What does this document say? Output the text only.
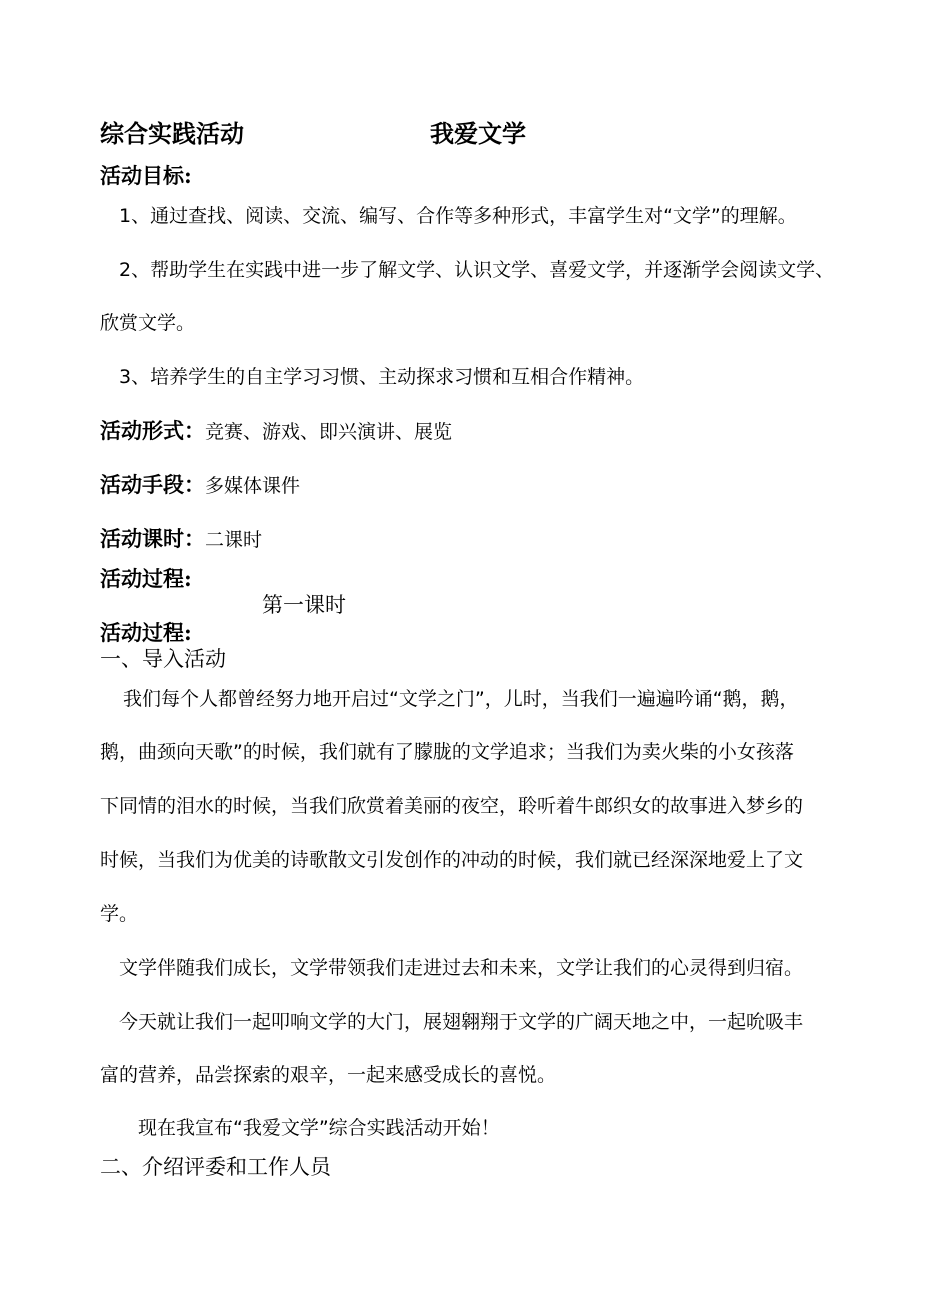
综合实践活动	我爱文学
活动目标:
1、通过查找、阅读、交流、编写、合作等多种形式，丰富学生对“文学”的理解。
2、帮助学生在实践中进一步了解文学、认识文学、喜爱文学，并逐渐学会阅读文学、
欣赏文学。
3、培养学生的自主学习习惯、主动探求习惯和互相合作精神。
活动形式：竞赛、游戏、即兴演讲、展览
活动手段：多媒体课件
活动课时：二课时
活动过程:
第一课时
活动过程:
一、导入活动
我们每个人都曾经努力地开启过“文学之门”，儿时，当我们一遍遍吟诵“鹅，鹅，
鹅，曲颈向天歌”的时候，我们就有了朦胧的文学追求；当我们为卖火柴的小女孩落
下同情的泪水的时候，当我们欣赏着美丽的夜空，聆听着牛郎织女的故事进入梦乡的
时候，当我们为优美的诗歌散文引发创作的冲动的时候，我们就已经深深地爱上了文
学。
文学伴随我们成长，文学带领我们走进过去和未来，文学让我们的心灵得到归宿。
今天就让我们一起叩响文学的大门，展翅翱翔于文学的广阔天地之中，一起吮吸丰
富的营养，品尝探索的艰辛，一起来感受成长的喜悦。
现在我宣布“我爱文学”综合实践活动开始！
二、介绍评委和工作人员
